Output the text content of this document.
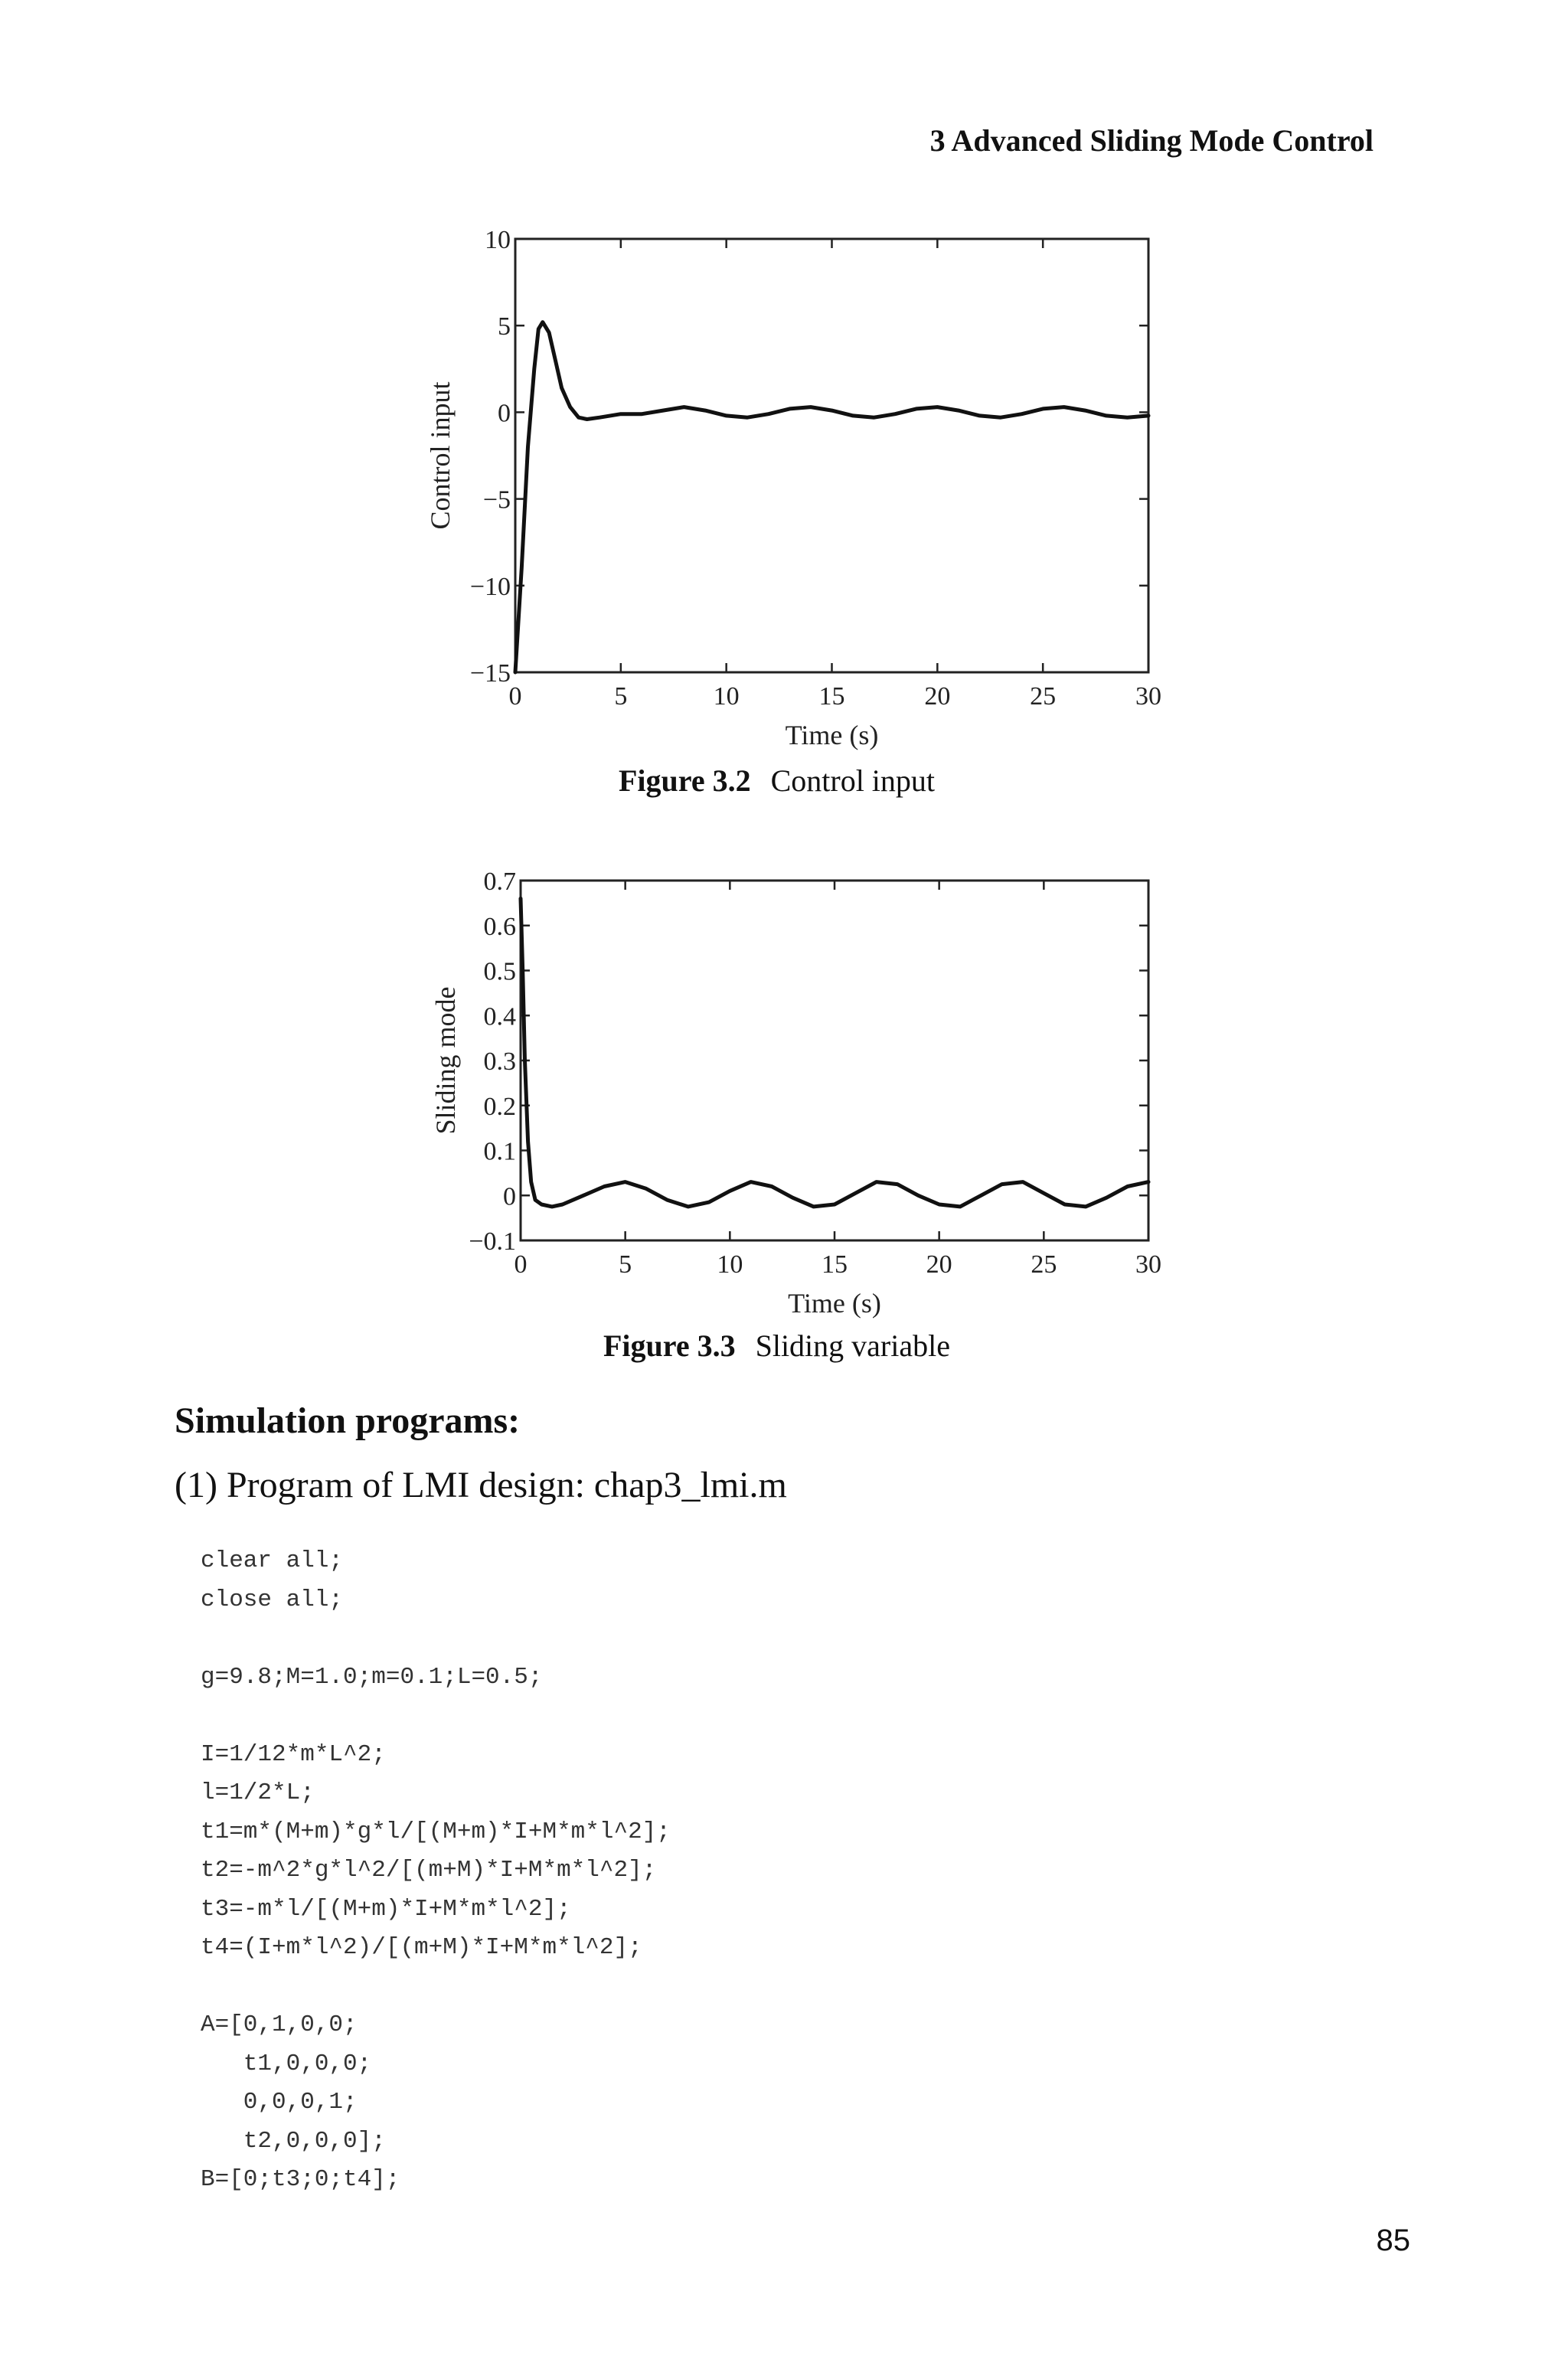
3 Advanced Sliding Mode Control
0	5	10	15	20	25	30
10
5
0
−5
−10
−15
Time (s)
Control input
Figure 3.2 Control input
0	5	10	15	20	25	30
0.7
0.6
0.5
0.4
0.3
0.2
0.1
0
−0.1
Time (s)
Sliding mode
Figure 3.3 Sliding variable
Simulation programs:
(1) Program of LMI design: chap3_lmi.m
clear all;
close all;
g=9.8;M=1.0;m=0.1;L=0.5;
I=1/12*m*L^2;
l=1/2*L;
t1=m*(M+m)*g*l/[(M+m)*I+M*m*l^2];
t2=-m^2*g*l^2/[(m+M)*I+M*m*l^2];
t3=-m*l/[(M+m)*I+M*m*l^2];
t4=(I+m*l^2)/[(m+M)*I+M*m*l^2];
A=[0,1,0,0;
t1,0,0,0;
0,0,0,1;
t2,0,0,0];
B=[0;t3;0;t4];
85
